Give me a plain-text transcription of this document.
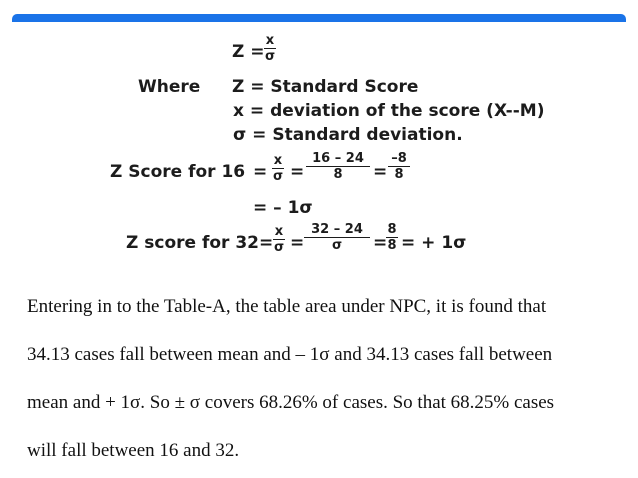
Z =
x
σ
Where Z = Standard Score
x = deviation of the score (X--M)
σ = Standard deviation.
Z Score for 16 =
x
σ =
16 – 24
8	=
–8
8
= – 1σ
Z score for 32 =
x
σ =
32 – 24
σ	=
8
8 = + 1σ
Entering in to the Table-A, the table area under NPC, it is found that
34.13 cases fall between mean and – 1σ and 34.13 cases fall between
mean and + 1σ. So ± σ covers 68.26% of cases. So that 68.25% cases
will fall between 16 and 32.
